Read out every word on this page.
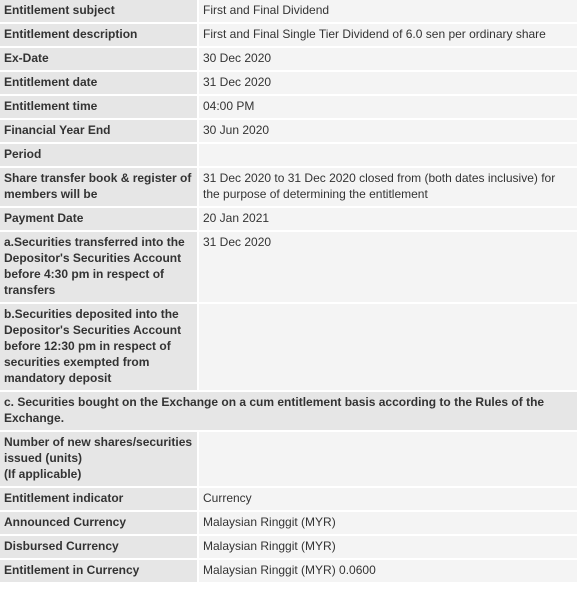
Entitlement subject	First and Final Dividend
Entitlement description	First and Final Single Tier Dividend of 6.0 sen per ordinary share
Ex-Date	30 Dec 2020
Entitlement date	31 Dec 2020
Entitlement time	04:00 PM
Financial Year End	30 Jun 2020
Period	
Share transfer book & register of members will be	31 Dec 2020 to 31 Dec 2020 closed from (both dates inclusive) for the purpose of determining the entitlement
Payment Date	20 Jan 2021
a.Securities transferred into the Depositor's Securities Account before 4:30 pm in respect of transfers	31 Dec 2020
b.Securities deposited into the Depositor's Securities Account before 12:30 pm in respect of securities exempted from mandatory deposit	
c. Securities bought on the Exchange on a cum entitlement basis according to the Rules of the Exchange.	
Number of new shares/securities issued (units)
(If applicable)	
Entitlement indicator	Currency
Announced Currency	Malaysian Ringgit (MYR)
Disbursed Currency	Malaysian Ringgit (MYR)
Entitlement in Currency	Malaysian Ringgit (MYR) 0.0600
